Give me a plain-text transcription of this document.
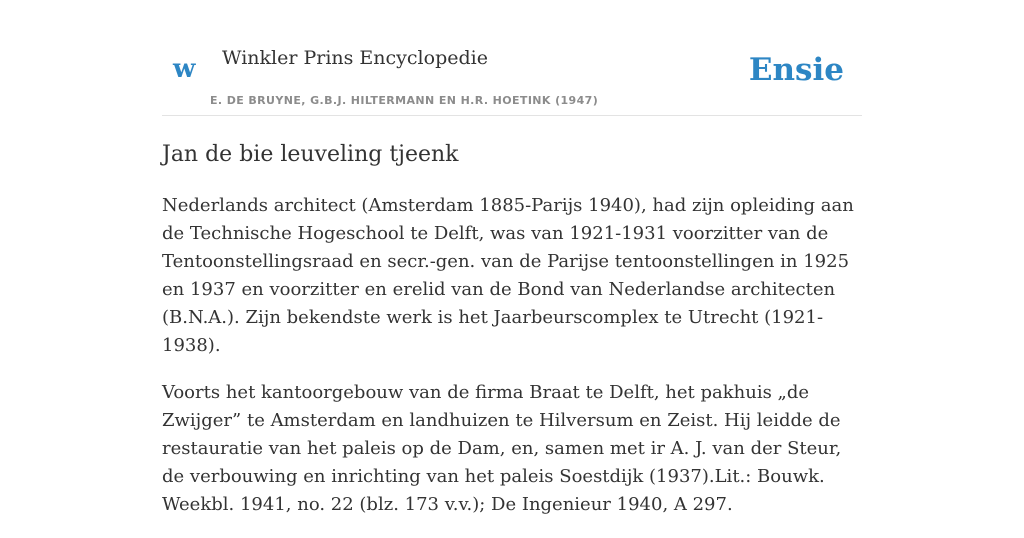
w Winkler Prins Encyclopedie
E. DE BRUYNE, G.B.J. HILTERMANN EN H.R. HOETINK (1947)
Ensie
Jan de bie leuveling tjeenk

Nederlands architect (Amsterdam 1885-Parijs 1940), had zijn opleiding aan de Technische Hogeschool te Delft, was van 1921-1931 voorzitter van de Tentoonstellingsraad en secr.-gen. van de Parijse tentoonstellingen in 1925 en 1937 en voorzitter en erelid van de Bond van Nederlandse architecten (B.N.A.). Zijn bekendste werk is het Jaarbeurscomplex te Utrecht (1921-1938).

Voorts het kantoorgebouw van de firma Braat te Delft, het pakhuis „de Zwijger” te Amsterdam en landhuizen te Hilversum en Zeist. Hij leidde de restauratie van het paleis op de Dam, en, samen met ir A. J. van der Steur, de verbouwing en inrichting van het paleis Soestdijk (1937).Lit.: Bouwk. Weekbl. 1941, no. 22 (blz. 173 v.v.); De Ingenieur 1940, A 297.
